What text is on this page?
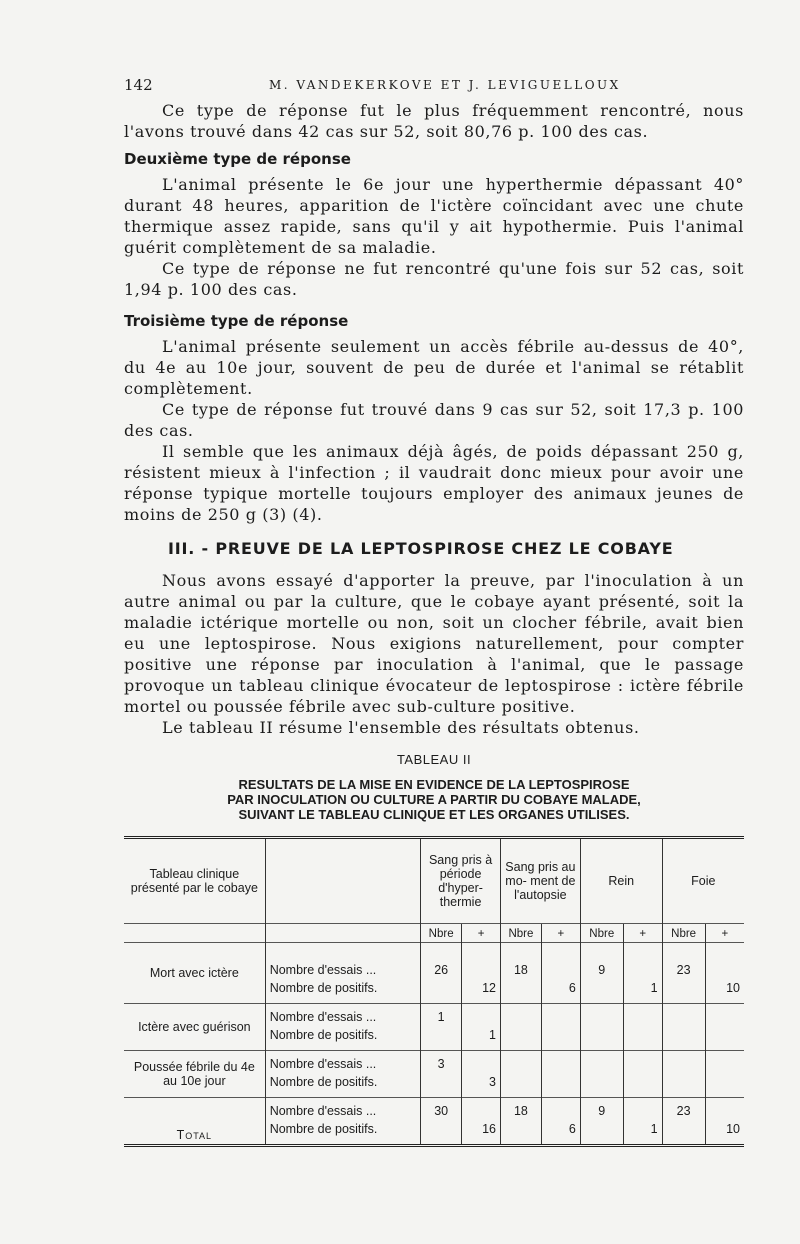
142	M. VANDEKERKOVE ET J. LEVIGUELLOUX

Ce type de réponse fut le plus fréquemment rencontré, nous l'avons trouvé dans 42 cas sur 52, soit 80,76 p. 100 des cas.

Deuxième type de réponse

L'animal présente le 6e jour une hyperthermie dépassant 40° durant 48 heures, apparition de l'ictère coïncidant avec une chute thermique assez rapide, sans qu'il y ait hypothermie. Puis l'animal guérit complètement de sa maladie.

Ce type de réponse ne fut rencontré qu'une fois sur 52 cas, soit 1,94 p. 100 des cas.

Troisième type de réponse

L'animal présente seulement un accès fébrile au-dessus de 40°, du 4e au 10e jour, souvent de peu de durée et l'animal se rétablit complètement.

Ce type de réponse fut trouvé dans 9 cas sur 52, soit 17,3 p. 100 des cas.

Il semble que les animaux déjà âgés, de poids dépassant 250 g, résistent mieux à l'infection ; il vaudrait donc mieux pour avoir une réponse typique mortelle toujours employer des animaux jeunes de moins de 250 g (3) (4).

III. - PREUVE DE LA LEPTOSPIROSE CHEZ LE COBAYE

Nous avons essayé d'apporter la preuve, par l'inoculation à un autre animal ou par la culture, que le cobaye ayant présenté, soit la maladie ictérique mortelle ou non, soit un clocher fébrile, avait bien eu une leptospirose. Nous exigions naturellement, pour compter positive une réponse par inoculation à l'animal, que le passage provoque un tableau clinique évocateur de leptospirose : ictère fébrile mortel ou poussée fébrile avec sub-culture positive.

Le tableau II résume l'ensemble des résultats obtenus.

TABLEAU II
RESULTATS DE LA MISE EN EVIDENCE DE LA LEPTOSPIROSE
PAR INOCULATION OU CULTURE A PARTIR DU COBAYE MALADE,
SUIVANT LE TABLEAU CLINIQUE ET LES ORGANES UTILISES.
Tableau clinique présenté par le cobaye		Sang pris à période d'hyper- thermie		Sang pris au mo- ment de l'autopsie		Rein		Foie	
		Nbre	+	Nbre	+	Nbre	+	Nbre	+
Mort avec ictère	Nombre d'essais ...	26		18		9		23	
	Nombre de positifs.		12		6		1		10
Ictère avec guérison	Nombre d'essais ...	1							
	Nombre de positifs.		1						
Poussée fébrile du 4e au 10e jour	Nombre d'essais ...	3							
	Nombre de positifs.		3						
Total	Nombre d'essais ...	30		18		9		23	
	Nombre de positifs.		16		6		1		10
